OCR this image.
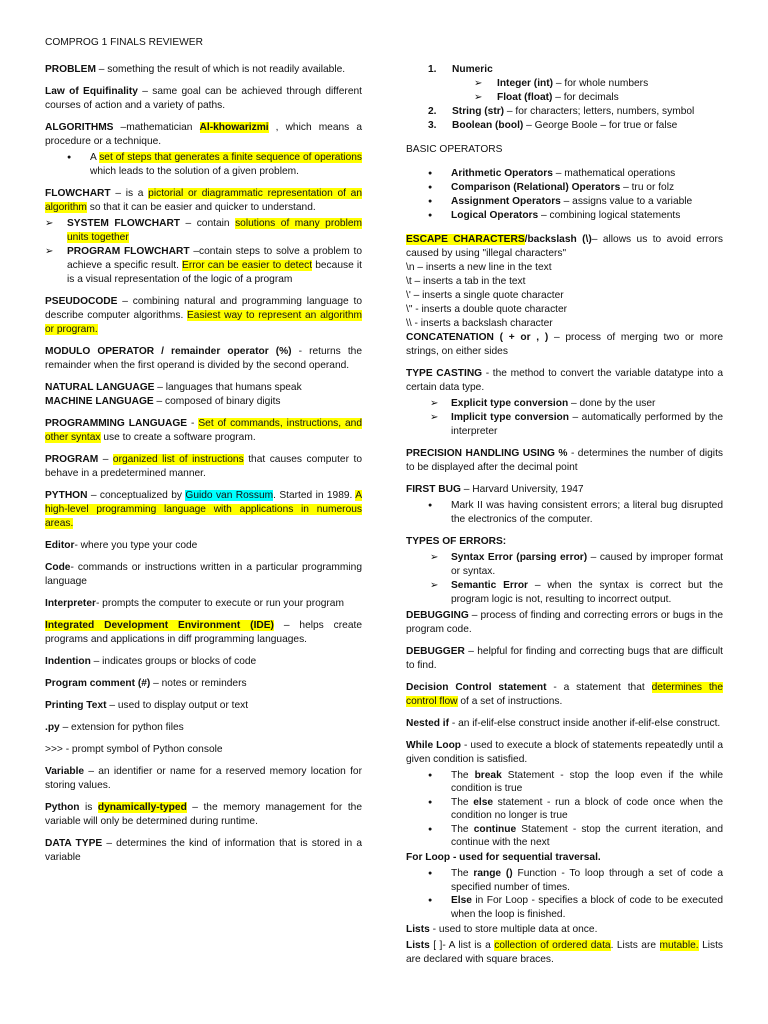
COMPROG 1 FINALS REVIEWER

PROBLEM – something the result of which is not readily available.

Law of Equifinality – same goal can be achieved through different courses of action and a variety of paths.

ALGORITHMS –mathematician Al-khowarizmi , which means a procedure or a technique.

● A set of steps that generates a finite sequence of operations which leads to the solution of a given problem.

FLOWCHART – is a pictorial or diagrammatic representation of an algorithm so that it can be easier and quicker to understand.

➢ SYSTEM FLOWCHART – contain solutions of many problem units together
➢ PROGRAM FLOWCHART –contain steps to solve a problem to achieve a specific result. Error can be easier to detect because it is a visual representation of the logic of a program

PSEUDOCODE – combining natural and programming language to describe computer algorithms. Easiest way to represent an algorithm or program.

MODULO OPERATOR / remainder operator (%) - returns the remainder when the first operand is divided by the second operand.

NATURAL LANGUAGE – languages that humans speak
MACHINE LANGUAGE – composed of binary digits

PROGRAMMING LANGUAGE - Set of commands, instructions, and other syntax use to create a software program.

PROGRAM – organized list of instructions that causes computer to behave in a predetermined manner.

PYTHON – conceptualized by Guido van Rossum. Started in 1989. A high-level programming language with applications in numerous areas.

Editor- where you type your code

Code- commands or instructions written in a particular programming language

Interpreter- prompts the computer to execute or run your program

Integrated Development Environment (IDE) – helps create programs and applications in diff programming languages.

Indention – indicates groups or blocks of code

Program comment (#) – notes or reminders

Printing Text – used to display output or text

.py – extension for python files

>>> - prompt symbol of Python console

Variable – an identifier or name for a reserved memory location for storing values.

Python is dynamically-typed – the memory management for the variable will only be determined during runtime.

DATA TYPE – determines the kind of information that is stored in a variable

1. Numeric
➢ Integer (int) – for whole numbers
➢ Float (float) – for decimals
2. String (str) – for characters; letters, numbers, symbol
3. Boolean (bool) – George Boole – for true or false

BASIC OPERATORS

● Arithmetic Operators – mathematical operations
● Comparison (Relational) Operators – tru or folz
● Assignment Operators – assigns value to a variable
● Logical Operators – combining logical statements

ESCAPE CHARACTERS/backslash (\)– allows us to avoid errors caused by using "illegal characters"

\n – inserts a new line in the text
\t – inserts a tab in the text
\' – inserts a single quote character
\" - inserts a double quote character
\\ - inserts a backslash character

CONCATENATION ( + or , ) – process of merging two or more strings, on either sides

TYPE CASTING - the method to convert the variable datatype into a certain data type.

➢ Explicit type conversion – done by the user
➢ Implicit type conversion – automatically performed by the interpreter

PRECISION HANDLING USING % - determines the number of digits to be displayed after the decimal point

FIRST BUG – Harvard University, 1947

● Mark II was having consistent errors; a literal bug disrupted the electronics of the computer.

TYPES OF ERRORS:

➢ Syntax Error (parsing error) – caused by improper format or syntax.
➢ Semantic Error – when the syntax is correct but the program logic is not, resulting to incorrect output.

DEBUGGING – process of finding and correcting errors or bugs in the program code.

DEBUGGER – helpful for finding and correcting bugs that are difficult to find.

Decision Control statement - a statement that determines the control flow of a set of instructions.

Nested if - an if-elif-else construct inside another if-elif-else construct.

While Loop - used to execute a block of statements repeatedly until a given condition is satisfied.

● The break Statement - stop the loop even if the while condition is true
● The else statement - run a block of code once when the condition no longer is true
● The continue Statement - stop the current iteration, and continue with the next

For Loop - used for sequential traversal.

● The range () Function - To loop through a set of code a specified number of times.
● Else in For Loop - specifies a block of code to be executed when the loop is finished.

Lists - used to store multiple data at once.

Lists [ ]- A list is a collection of ordered data. Lists are mutable. Lists are declared with square braces.
